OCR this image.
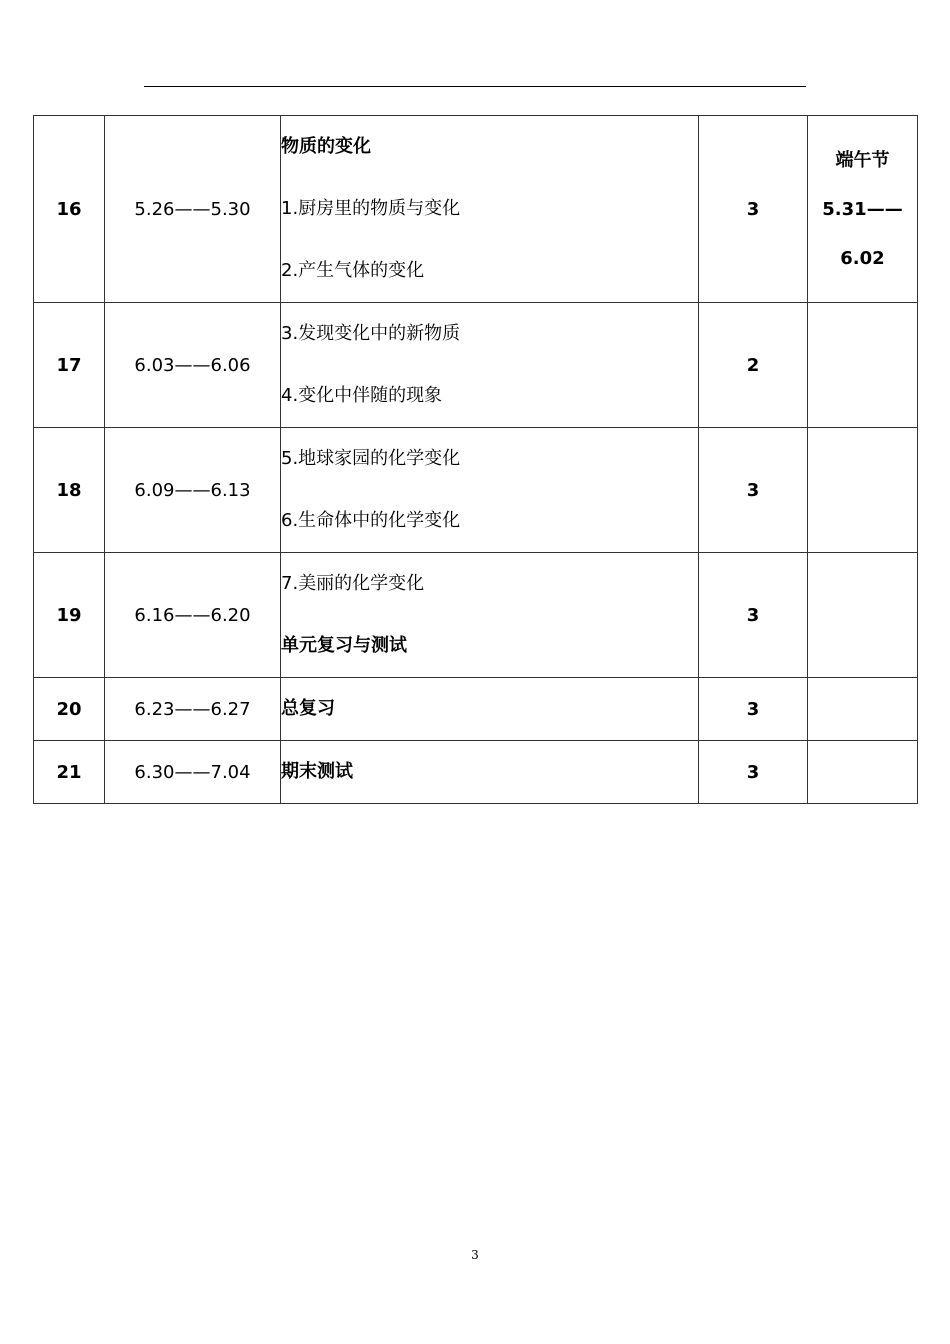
16	5.26——5.30	物质的变化
1.厨房里的物质与变化
2.产生气体的变化	3	端午节
5.31——
6.02

17	6.03——6.06	3.发现变化中的新物质
4.变化中伴随的现象	2	
18	6.09——6.13	5.地球家园的化学变化
6.生命体中的化学变化	3	
19	6.16——6.20	7.美丽的化学变化
单元复习与测试	3	
20	6.23——6.27	总复习	3	
21	6.30——7.04	期末测试	3	
3
